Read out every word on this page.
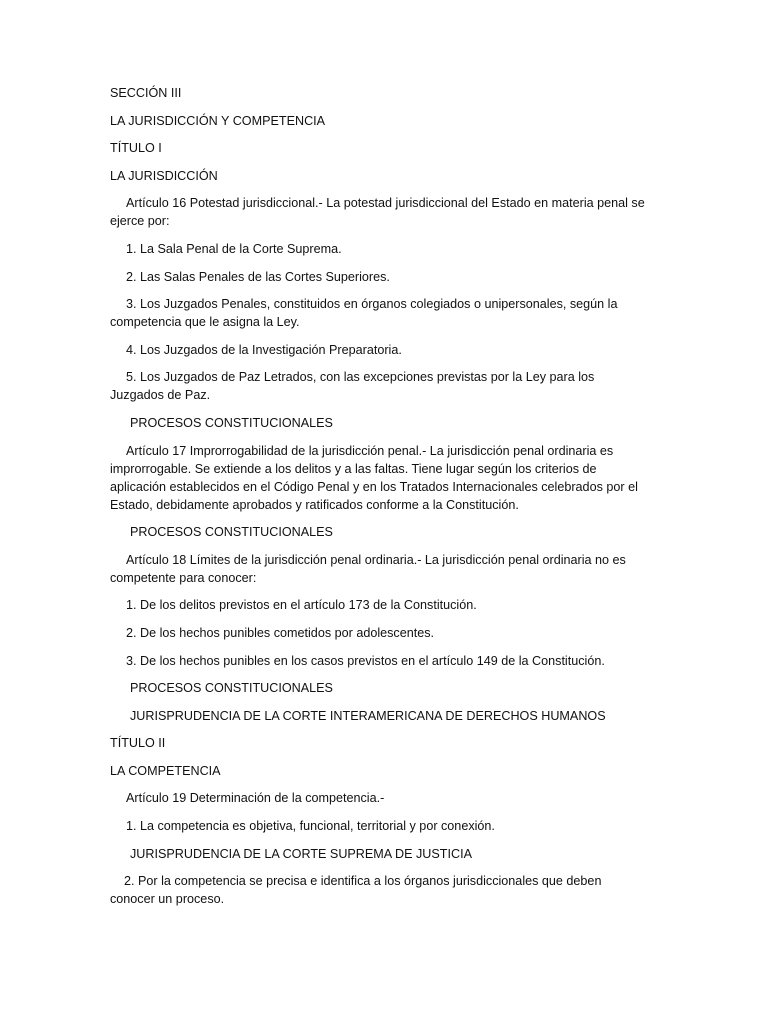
SECCIÓN III

LA JURISDICCIÓN Y COMPETENCIA

TÍTULO I

LA JURISDICCIÓN

Artículo 16 Potestad jurisdiccional.- La potestad jurisdiccional del Estado en materia penal se ejerce por:

1. La Sala Penal de la Corte Suprema.

2. Las Salas Penales de las Cortes Superiores.

3. Los Juzgados Penales, constituidos en órganos colegiados o unipersonales, según la competencia que le asigna la Ley.

4. Los Juzgados de la Investigación Preparatoria.

5. Los Juzgados de Paz Letrados, con las excepciones previstas por la Ley para los Juzgados de Paz.

PROCESOS CONSTITUCIONALES

Artículo 17 Improrrogabilidad de la jurisdicción penal.- La jurisdicción penal ordinaria es improrrogable. Se extiende a los delitos y a las faltas. Tiene lugar según los criterios de aplicación establecidos en el Código Penal y en los Tratados Internacionales celebrados por el Estado, debidamente aprobados y ratificados conforme a la Constitución.

PROCESOS CONSTITUCIONALES

Artículo 18 Límites de la jurisdicción penal ordinaria.- La jurisdicción penal ordinaria no es competente para conocer:

1. De los delitos previstos en el artículo 173 de la Constitución.

2. De los hechos punibles cometidos por adolescentes.

3. De los hechos punibles en los casos previstos en el artículo 149 de la Constitución.

PROCESOS CONSTITUCIONALES

JURISPRUDENCIA DE LA CORTE INTERAMERICANA DE DERECHOS HUMANOS

TÍTULO II

LA COMPETENCIA

Artículo 19 Determinación de la competencia.-

1. La competencia es objetiva, funcional, territorial y por conexión.

JURISPRUDENCIA DE LA CORTE SUPREMA DE JUSTICIA

2. Por la competencia se precisa e identifica a los órganos jurisdiccionales que deben conocer un proceso.
